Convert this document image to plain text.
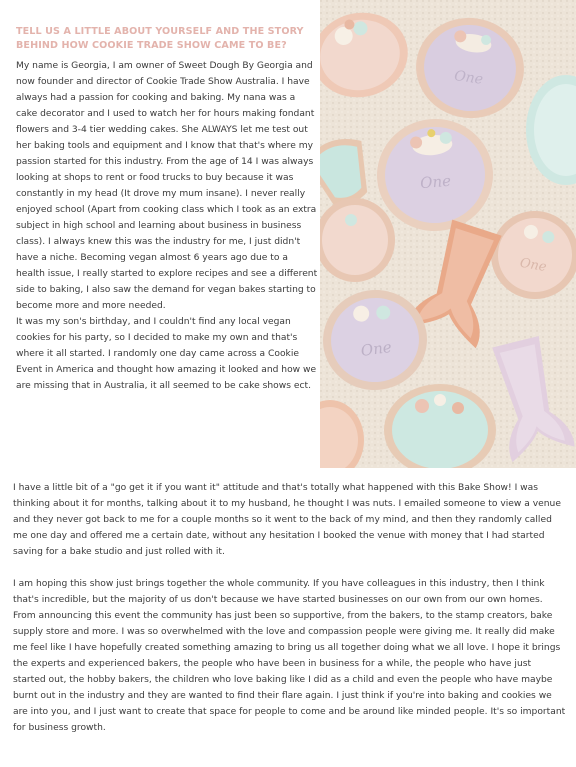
TELL US A LITTLE ABOUT YOURSELF AND THE STORY BEHIND HOW COOKIE TRADE SHOW CAME TO BE?

My name is Georgia, I am owner of Sweet Dough By Georgia and now founder and director of Cookie Trade Show Australia. I have always had a passion for cooking and baking. My nana was a cake decorator and I used to watch her for hours making fondant flowers and 3-4 tier wedding cakes. She ALWAYS let me test out her baking tools and equipment and I know that that's where my passion started for this industry. From the age of 14 I was always looking at shops to rent or food trucks to buy because it was constantly in my head (It drove my mum insane). I never really enjoyed school (Apart from cooking class which I took as an extra subject in high school and learning about business in business class). I always knew this was the industry for me, I just didn't have a niche. Becoming vegan almost 6 years ago due to a health issue, I really started to explore recipes and see a different side to baking, I also saw the demand for vegan bakes starting to become more and more needed.

It was my son's birthday, and I couldn't find any local vegan cookies for his party, so I decided to make my own and that's where it all started. I randomly one day came across a Cookie Event in America and thought how amazing it looked and how we are missing that in Australia, it all seemed to be cake shows ect.

One
One
One
One

I have a little bit of a "go get it if you want it" attitude and that's totally what happened with this Bake Show! I was thinking about it for months, talking about it to my husband, he thought I was nuts. I emailed someone to view a venue and they never got back to me for a couple months so it went to the back of my mind, and then they randomly called me one day and offered me a certain date, without any hesitation I booked the venue with money that I had started saving for a bake studio and just rolled with it.

I am hoping this show just brings together the whole community. If you have colleagues in this industry, then I think that's incredible, but the majority of us don't because we have started businesses on our own from our own homes. From announcing this event the community has just been so supportive, from the bakers, to the stamp creators, bake supply store and more. I was so overwhelmed with the love and compassion people were giving me. It really did make me feel like I have hopefully created something amazing to bring us all together doing what we all love. I hope it brings the experts and experienced bakers, the people who have been in business for a while, the people who have just started out, the hobby bakers, the children who love baking like I did as a child and even the people who have maybe burnt out in the industry and they are wanted to find their flare again. I just think if you're into baking and cookies we are into you, and I just want to create that space for people to come and be around like minded people. It's so important for business growth.
